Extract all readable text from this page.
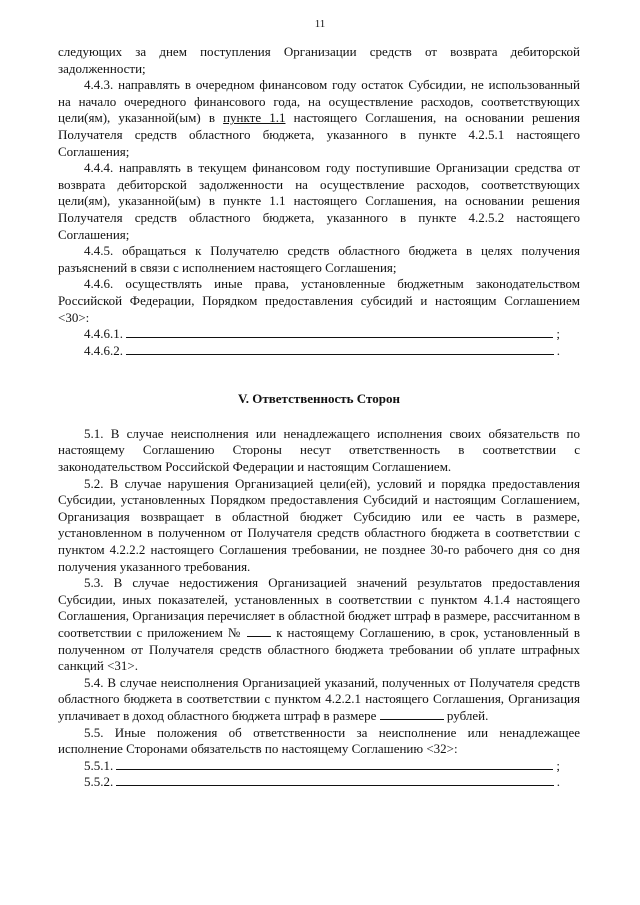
11

следующих за днем поступления Организации средств от возврата дебиторской задолженности;

4.4.3. направлять в очередном финансовом году остаток Субсидии, не использованный на начало очередного финансового года, на осуществление расходов, соответствующих цели(ям), указанной(ым) в пункте 1.1 настоящего Соглашения, на основании решения Получателя средств областного бюджета, указанного в пункте 4.2.5.1 настоящего Соглашения;

4.4.4. направлять в текущем финансовом году поступившие Организации средства от возврата дебиторской задолженности на осуществление расходов, соответствующих цели(ям), указанной(ым) в пункте 1.1 настоящего Соглашения, на основании решения Получателя средств областного бюджета, указанного в пункте 4.2.5.2 настоящего Соглашения;

4.4.5. обращаться к Получателю средств областного бюджета в целях получения разъяснений в связи с исполнением настоящего Соглашения;

4.4.6. осуществлять иные права, установленные бюджетным законодательством Российской Федерации, Порядком предоставления субсидий и настоящим Соглашением <30>:

4.4.6.1.	;
4.4.6.2.	.
V. Ответственность Сторон

5.1. В случае неисполнения или ненадлежащего исполнения своих обязательств по настоящему Соглашению Стороны несут ответственность в соответствии с законодательством Российской Федерации и настоящим Соглашением.

5.2. В случае нарушения Организацией цели(ей), условий и порядка предоставления Субсидии, установленных Порядком предоставления Субсидий и настоящим Соглашением, Организация возвращает в областной бюджет Субсидию или ее часть в размере, установленном в полученном от Получателя средств областного бюджета в соответствии с пунктом 4.2.2.2 настоящего Соглашения требовании, не позднее 30-го рабочего дня со дня получения указанного требования.

5.3. В случае недостижения Организацией значений результатов предоставления Субсидии, иных показателей, установленных в соответствии с пунктом 4.1.4 настоящего Соглашения, Организация перечисляет в областной бюджет штраф в размере, рассчитанном в соответствии с приложением №	к настоящему Соглашению, в срок, установленный в полученном от Получателя средств областного бюджета требовании об уплате штрафных санкций <31>.

5.4. В случае неисполнения Организацией указаний, полученных от Получателя средств областного бюджета в соответствии с пунктом 4.2.2.1 настоящего Соглашения, Организация уплачивает в доход областного бюджета штраф в размере	рублей.

5.5. Иные положения об ответственности за неисполнение или ненадлежащее исполнение Сторонами обязательств по настоящему Соглашению <32>:

5.5.1.	;
5.5.2.	.
